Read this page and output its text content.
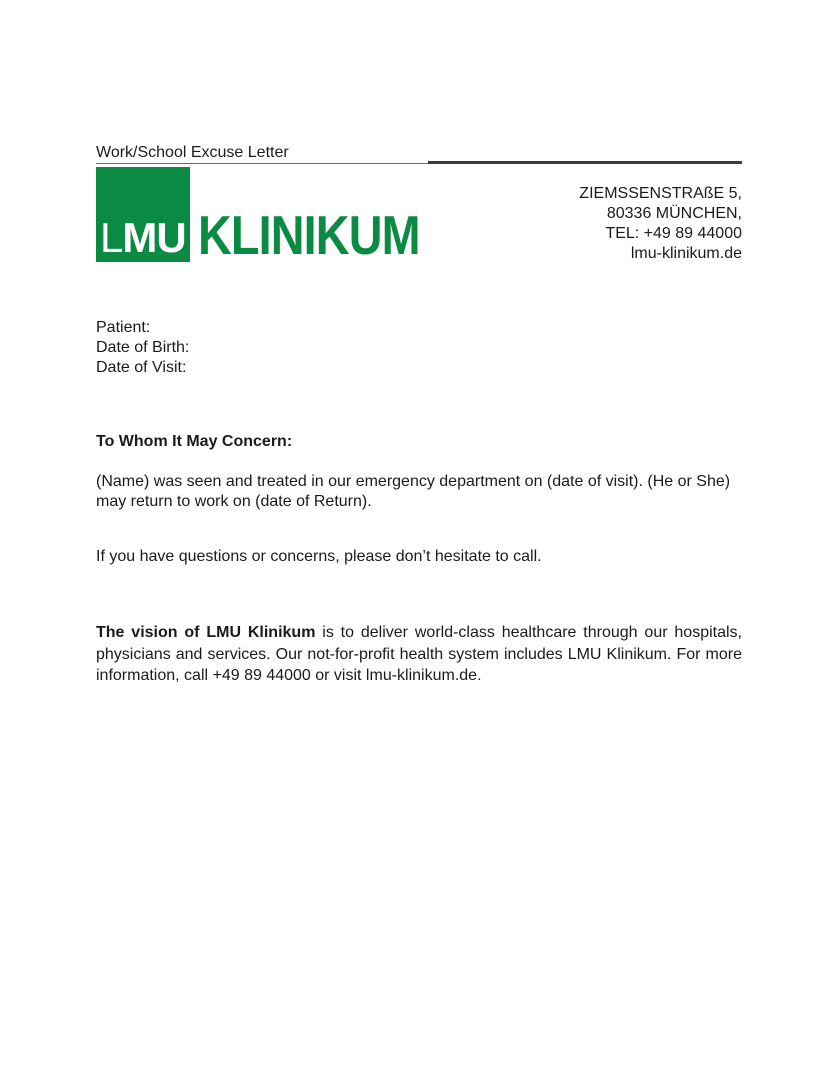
Work/School Excuse Letter
LMU KLINIKUM
ZIEMSSENSTRAßE 5,
80336 MÜNCHEN,
TEL: +49 89 44000
lmu-klinikum.de
Patient:
Date of Birth:
Date of Visit:
To Whom It May Concern:
(Name) was seen and treated in our emergency department on (date of visit). (He or She) may return to work on (date of Return).
If you have questions or concerns, please don’t hesitate to call.
The vision of LMU Klinikum is to deliver world-class healthcare through our hospitals, physicians and services. Our not-for-profit health system includes LMU Klinikum. For more information, call +49 89 44000 or visit lmu-klinikum.de.
